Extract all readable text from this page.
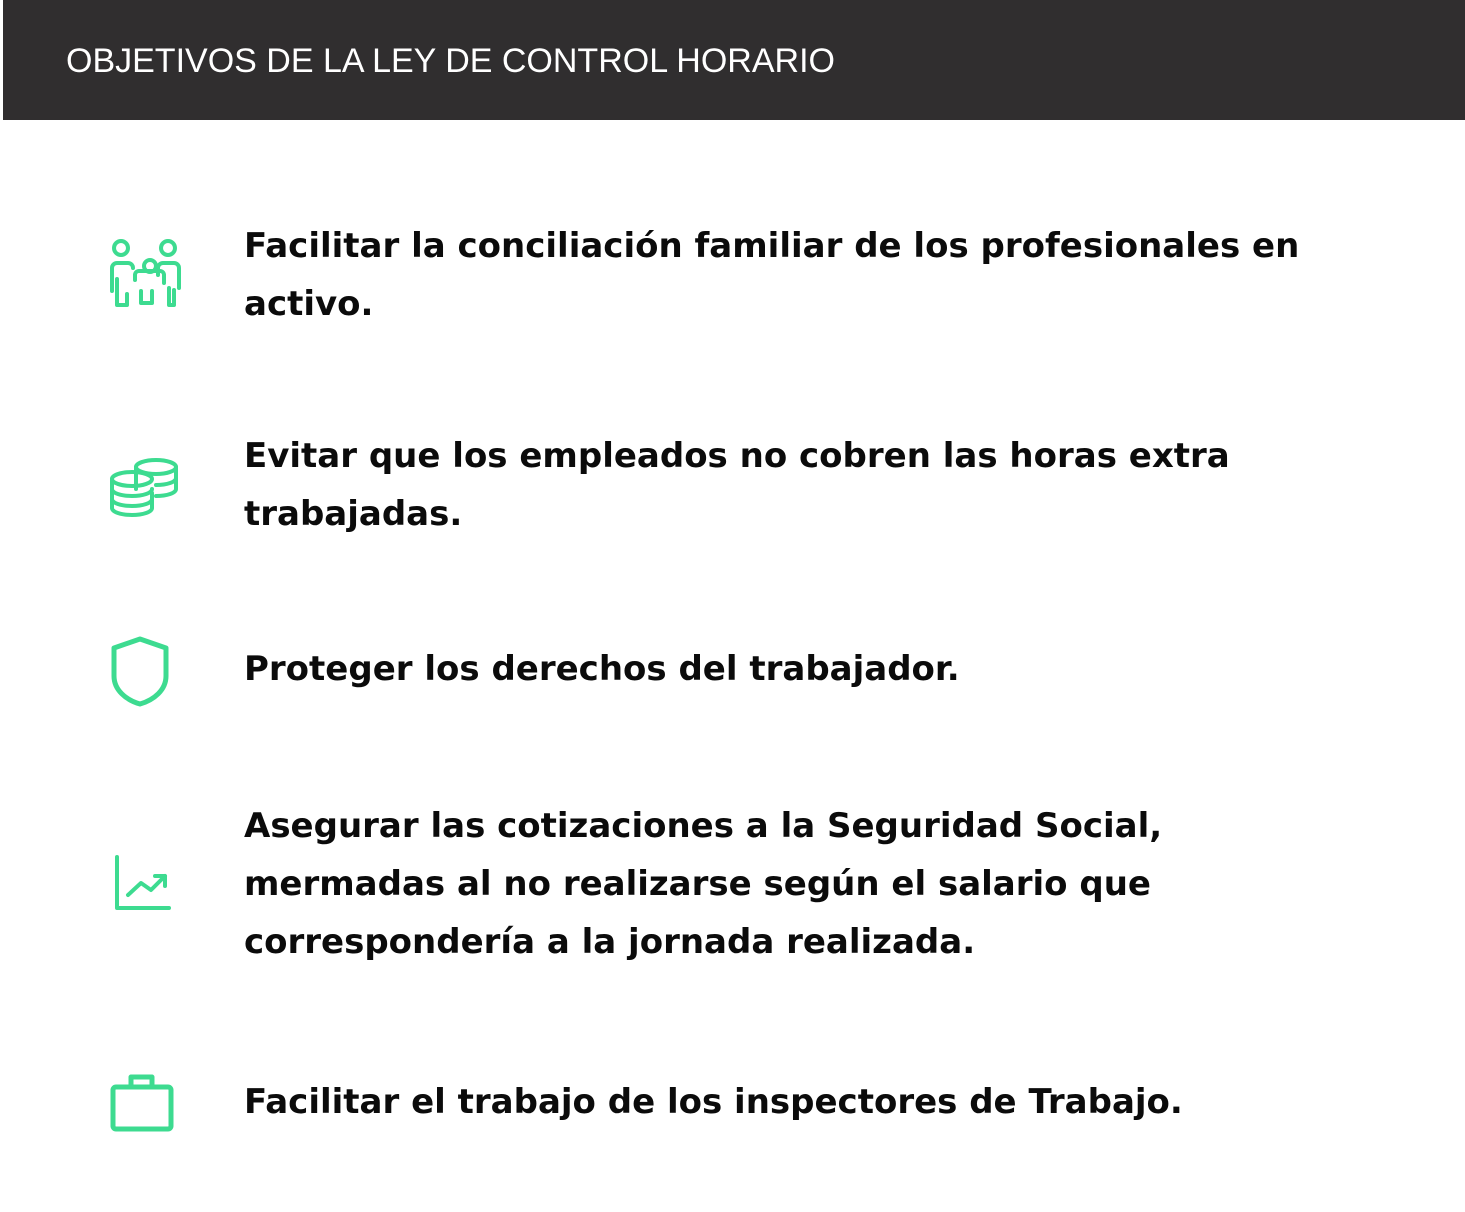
OBJETIVOS DE LA LEY DE CONTROL HORARIO

Facilitar la conciliación familiar de los profesionales en activo.

Evitar que los empleados no cobren las horas extra trabajadas.

Proteger los derechos del trabajador.

Asegurar las cotizaciones a la Seguridad Social, mermadas al no realizarse según el salario que correspondería a la jornada realizada.

Facilitar el trabajo de los inspectores de Trabajo.
